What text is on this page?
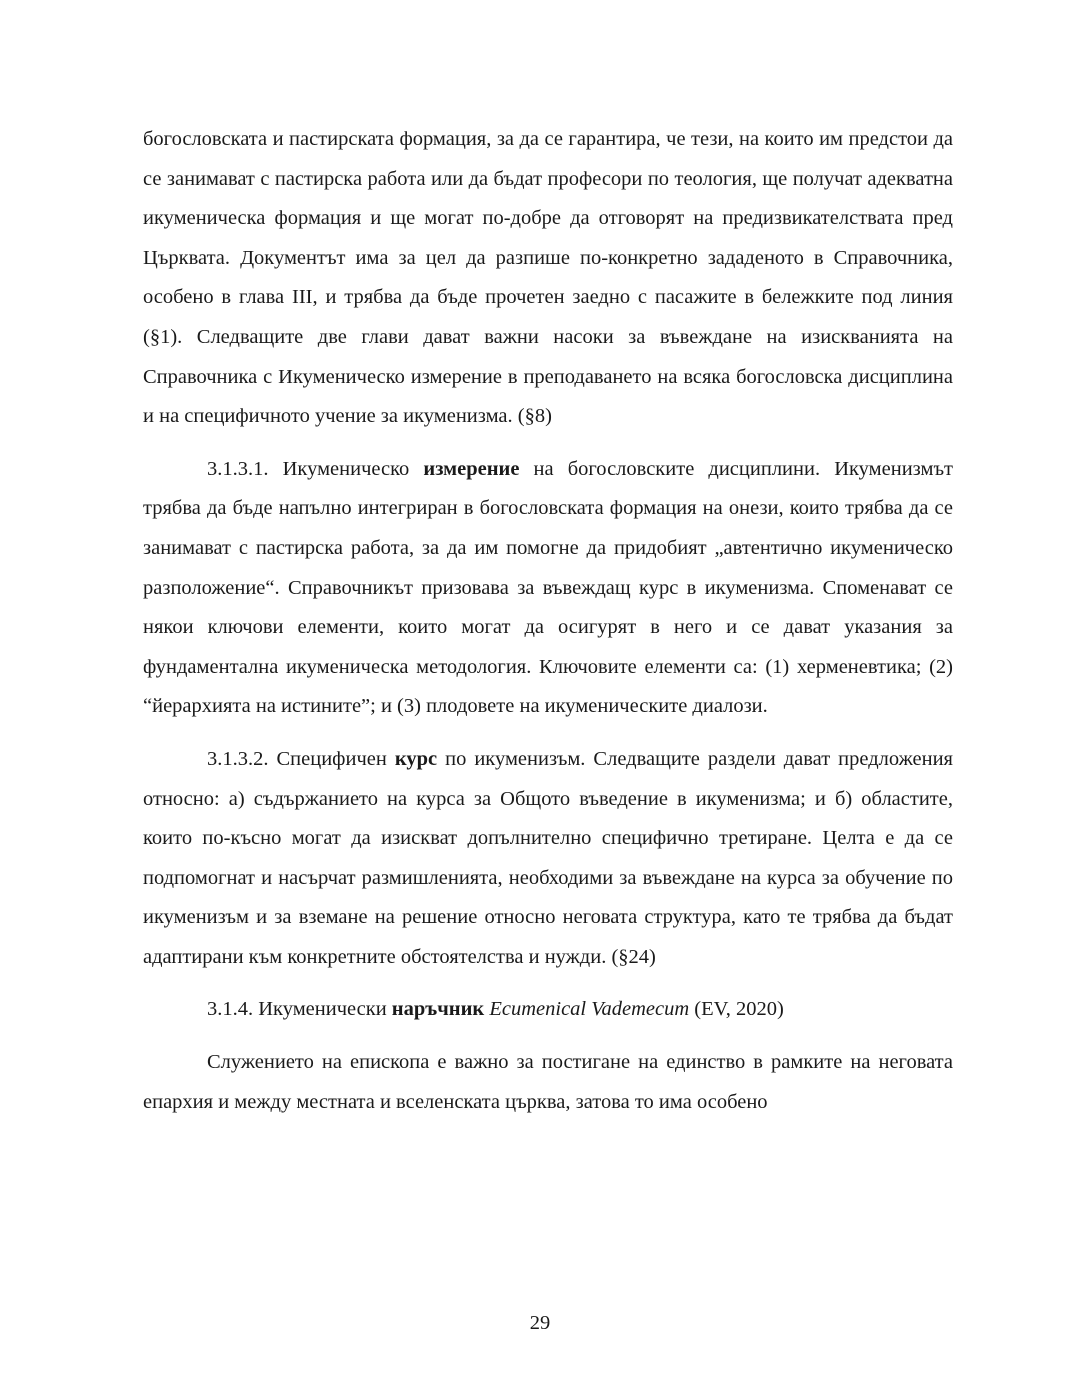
богословската и пастирската формация, за да се гарантира, че тези, на които им предстои да се занимават с пастирска работа или да бъдат професори по теология, ще получат адекватна икуменическа формация и ще могат по-добре да отговорят на предизвикателствата пред Църквата. Документът има за цел да разпише по-конкретно зададеното в Справочника, особено в глава III, и трябва да бъде прочетен заедно с пасажите в бележките под линия (§1). Следващите две глави дават важни насоки за въвеждане на изискванията на Справочника с Икуменическо измерение в преподаването на всяка богословска дисциплина и на специфичното учение за икуменизма. (§8)

3.1.3.1. Икуменическо измерение на богословските дисциплини. Икуменизмът трябва да бъде напълно интегриран в богословската формация на онези, които трябва да се занимават с пастирска работа, за да им помогне да придобият „автентично икуменическо разположение“. Справочникът призовава за въвеждащ курс в икуменизма. Споменават се някои ключови елементи, които могат да осигурят в него и се дават указания за фундаментална икуменическа методология. Ключовите елементи са: (1) херменевтика; (2) “йерархията на истините”; и (3) плодовете на икуменическите диалози.

3.1.3.2. Специфичен курс по икуменизъм. Следващите раздели дават предложения относно: а) съдържанието на курса за Общото въведение в икуменизма; и б) областите, които по-късно могат да изискват допълнително специфично третиране. Целта е да се подпомогнат и насърчат размишленията, необходими за въвеждане на курса за обучение по икуменизъм и за вземане на решение относно неговата структура, като те трябва да бъдат адаптирани към конкретните обстоятелства и нужди. (§24)

3.1.4. Икуменически наръчник Ecumenical Vademecum (EV, 2020)

Служението на епископа е важно за постигане на единство в рамките на неговата епархия и между местната и вселенската църква, затова то има особено

29
